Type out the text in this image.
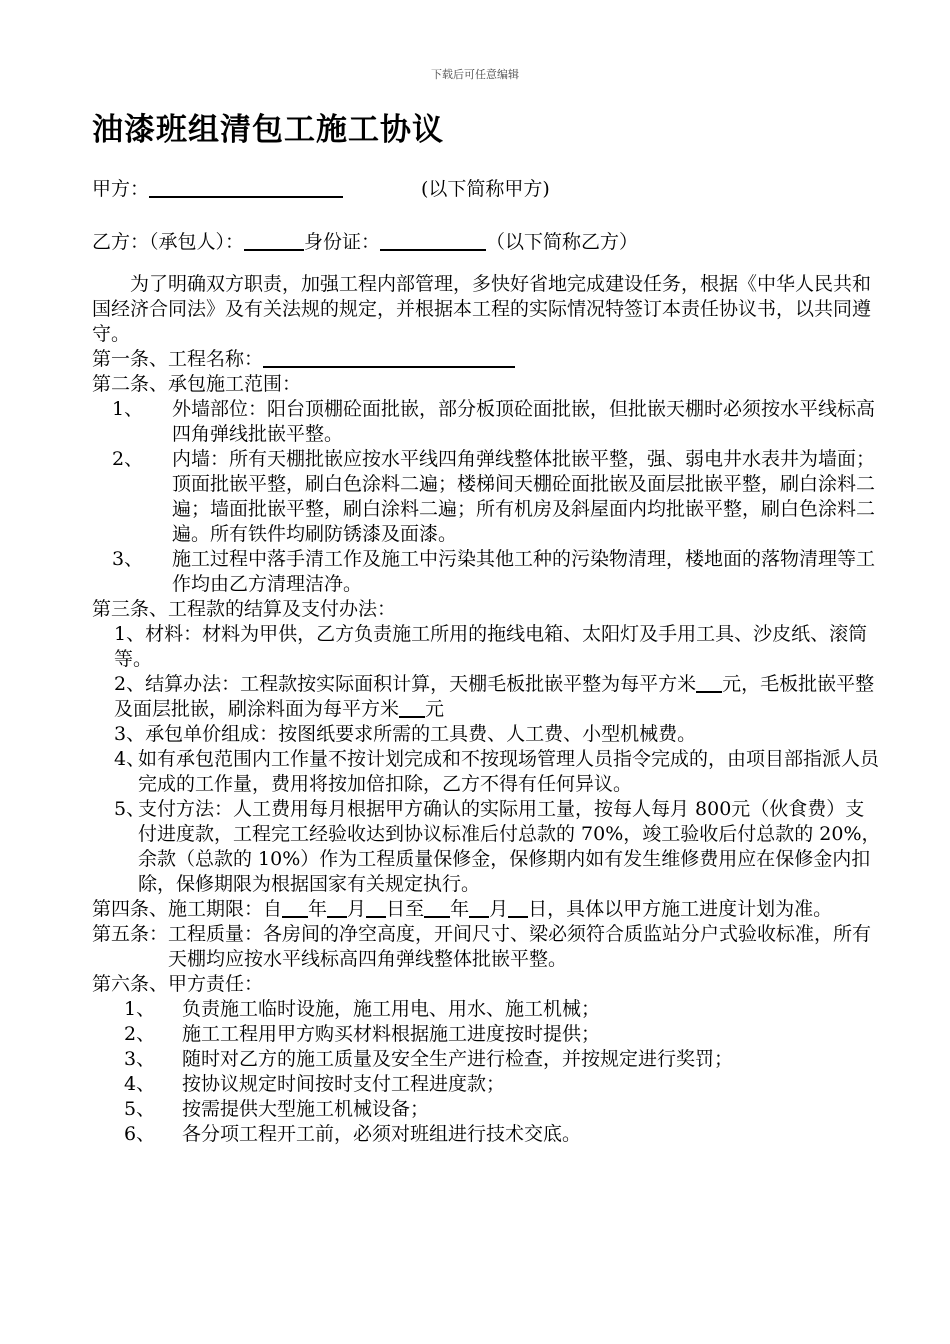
下载后可任意编辑
油漆班组清包工施工协议
甲方：	(以下简称甲方)
乙方：（承包人）：	身份证：	（以下简称乙方）

为了明确双方职责，加强工程内部管理，多快好省地完成建设任务，根据《中华人民共和国经济合同法》及有关法规的规定，并根据本工程的实际情况特签订本责任协议书，以共同遵守。

第一条、工程名称：

第二条、承包施工范围：

1、	外墙部位：阳台顶棚砼面批嵌，部分板顶砼面批嵌，但批嵌天棚时必须按水平线标高四角弹线批嵌平整。
2、	内墙：所有天棚批嵌应按水平线四角弹线整体批嵌平整，强、弱电井水表井为墙面；顶面批嵌平整，刷白色涂料二遍；楼梯间天棚砼面批嵌及面层批嵌平整，刷白涂料二遍；墙面批嵌平整，刷白涂料二遍；所有机房及斜屋面内均批嵌平整，刷白色涂料二遍。所有铁件均刷防锈漆及面漆。
3、	施工过程中落手清工作及施工中污染其他工种的污染物清理，楼地面的落物清理等工作均由乙方清理洁净。

第三条、工程款的结算及支付办法：

1、材料：材料为甲供，乙方负责施工所用的拖线电箱、太阳灯及手用工具、沙皮纸、滚筒等。

2、结算办法：工程款按实际面积计算，天棚毛板批嵌平整为每平方米 元，毛板批嵌平整及面层批嵌，刷涂料面为每平方米 元

3、承包单价组成：按图纸要求所需的工具费、人工费、小型机械费。

4、
如有承包范围内工作量不按计划完成和不按现场管理人员指令完成的，由项目部指派人员完成的工作量，费用将按加倍扣除，乙方不得有任何异议。
5、
支付方法：人工费用每月根据甲方确认的实际用工量，按每人每月 800元（伙食费）支付进度款，工程完工经验收达到协议标准后付总款的 70%，竣工验收后付总款的 20%，余款（总款的 10%）作为工程质量保修金，保修期内如有发生维修费用应在保修金内扣除，保修期限为根据国家有关规定执行。
第四条、 施工期限：自 年 月 日至 年 月 日，具体以甲方施工进度计划为准。
第五条： 工程质量：各房间的净空高度，开间尺寸、梁必须符合质监站分户式验收标准，所有天棚均应按水平线标高四角弹线整体批嵌平整。

第六条、甲方责任：

1、	负责施工临时设施，施工用电、用水、施工机械；
2、	施工工程用甲方购买材料根据施工进度按时提供；
3、	随时对乙方的施工质量及安全生产进行检查，并按规定进行奖罚；
4、	按协议规定时间按时支付工程进度款；
5、	按需提供大型施工机械设备；
6、	各分项工程开工前，必须对班组进行技术交底。
